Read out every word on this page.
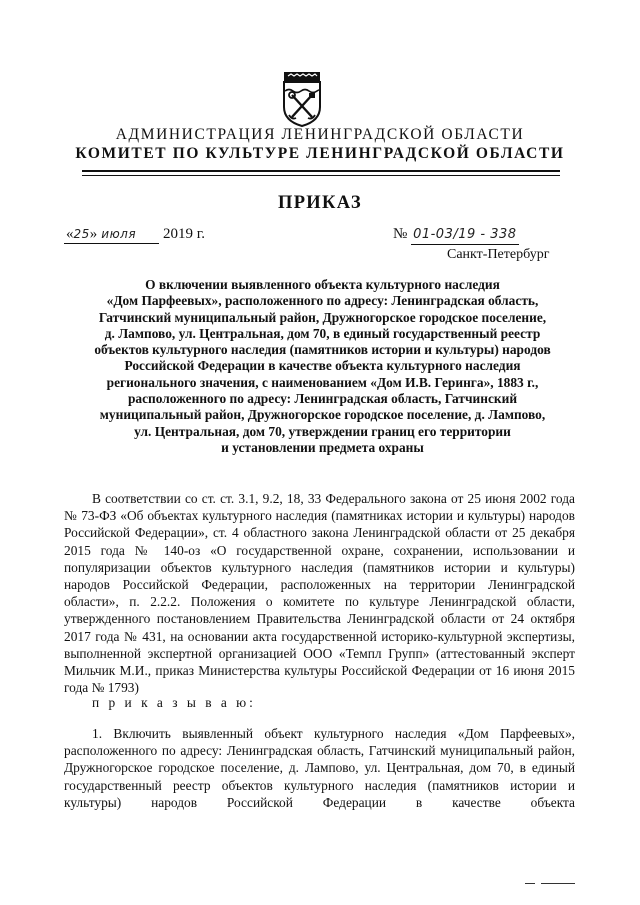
АДМИНИСТРАЦИЯ ЛЕНИНГРАДСКОЙ ОБЛАСТИ
КОМИТЕТ ПО КУЛЬТУРЕ ЛЕНИНГРАДСКОЙ ОБЛАСТИ
ПРИКАЗ
«25» июля 2019 г.	№ 01-03/19 - 338
Санкт-Петербург
О включении выявленного объекта культурного наследия
«Дом Парфеевых», расположенного по адресу: Ленинградская область,
Гатчинский муниципальный район, Дружногорское городское поселение,
д. Лампово, ул. Центральная, дом 70, в единый государственный реестр
объектов культурного наследия (памятников истории и культуры) народов
Российской Федерации в качестве объекта культурного наследия
регионального значения, с наименованием «Дом И.В. Геринга», 1883 г.,
расположенного по адресу: Ленинградская область, Гатчинский
муниципальный район, Дружногорское городское поселение, д. Лампово,
ул. Центральная, дом 70, утверждении границ его территории
и установлении предмета охраны
В соответствии со ст. ст. 3.1, 9.2, 18, 33 Федерального закона от 25 июня 2002 года № 73-ФЗ «Об объектах культурного наследия (памятниках истории и культуры) народов Российской Федерации», ст. 4 областного закона Ленинградской области от 25 декабря 2015 года № 140-оз «О государственной охране, сохранении, использовании и популяризации объектов культурного наследия (памятников истории и культуры) народов Российской Федерации, расположенных на территории Ленинградской области», п. 2.2.2. Положения о комитете по культуре Ленинградской области, утвержденного постановлением Правительства Ленинградской области от 24 октября 2017 года № 431, на основании акта государственной историко-культурной экспертизы, выполненной экспертной организацией ООО «Темпл Групп» (аттестованный эксперт Мильчик М.И., приказ Министерства культуры Российской Федерации от 16 июня 2015 года № 1793)
п р и к а з ы в а ю:
1. Включить выявленный объект культурного наследия «Дом Парфеевых», расположенного по адресу: Ленинградская область, Гатчинский муниципальный район, Дружногорское городское поселение, д. Лампово, ул. Центральная, дом 70, в единый государственный реестр объектов культурного наследия (памятников истории и культуры) народов Российской Федерации в качестве объекта
